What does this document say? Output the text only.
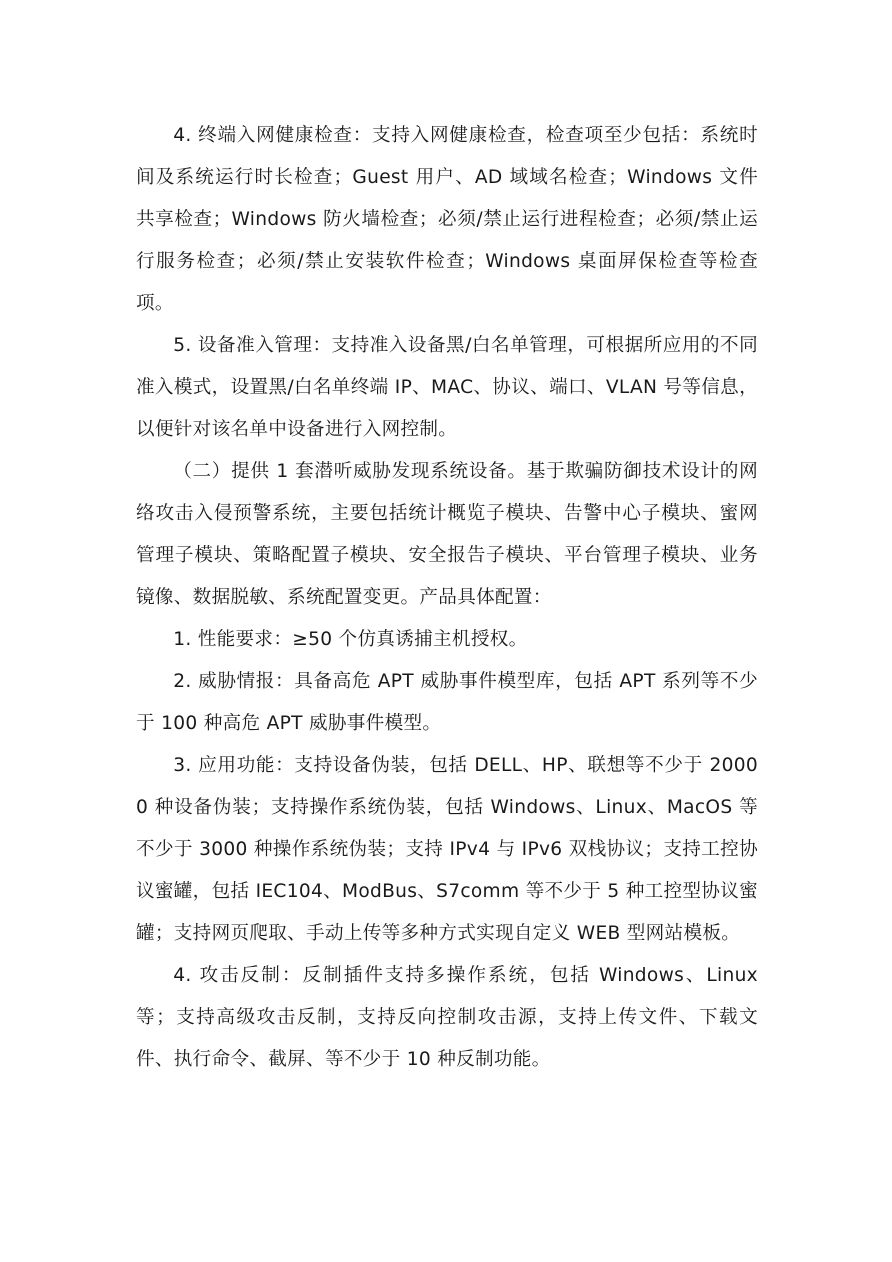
4. 终端入网健康检查：支持入网健康检查，检查项至少包括：系统时间及系统运行时长检查；Guest 用户、AD 域域名检查；Windows 文件共享检查；Windows 防火墙检查；必须/禁止运行进程检查；必须/禁止运行服务检查；必须/禁止安装软件检查；Windows 桌面屏保检查等检查项。

5. 设备准入管理：支持准入设备黑/白名单管理，可根据所应用的不同准入模式，设置黑/白名单终端 IP、MAC、协议、端口、VLAN 号等信息，以便针对该名单中设备进行入网控制。

（二）提供 1 套潜听威胁发现系统设备。基于欺骗防御技术设计的网络攻击入侵预警系统，主要包括统计概览子模块、告警中心子模块、蜜网管理子模块、策略配置子模块、安全报告子模块、平台管理子模块、业务镜像、数据脱敏、系统配置变更。产品具体配置：

1. 性能要求：≥50 个仿真诱捕主机授权。

2. 威胁情报：具备高危 APT 威胁事件模型库，包括 APT 系列等不少于 100 种高危 APT 威胁事件模型。

3. 应用功能：支持设备伪装，包括 DELL、HP、联想等不少于 20000 种设备伪装；支持操作系统伪装，包括 Windows、Linux、MacOS 等不少于 3000 种操作系统伪装；支持 IPv4 与 IPv6 双栈协议；支持工控协议蜜罐，包括 IEC104、ModBus、S7comm 等不少于 5 种工控型协议蜜罐；支持网页爬取、手动上传等多种方式实现自定义 WEB 型网站模板。

4. 攻击反制：反制插件支持多操作系统，包括 Windows、Linux 等；支持高级攻击反制，支持反向控制攻击源，支持上传文件、下载文件、执行命令、截屏、等不少于 10 种反制功能。
